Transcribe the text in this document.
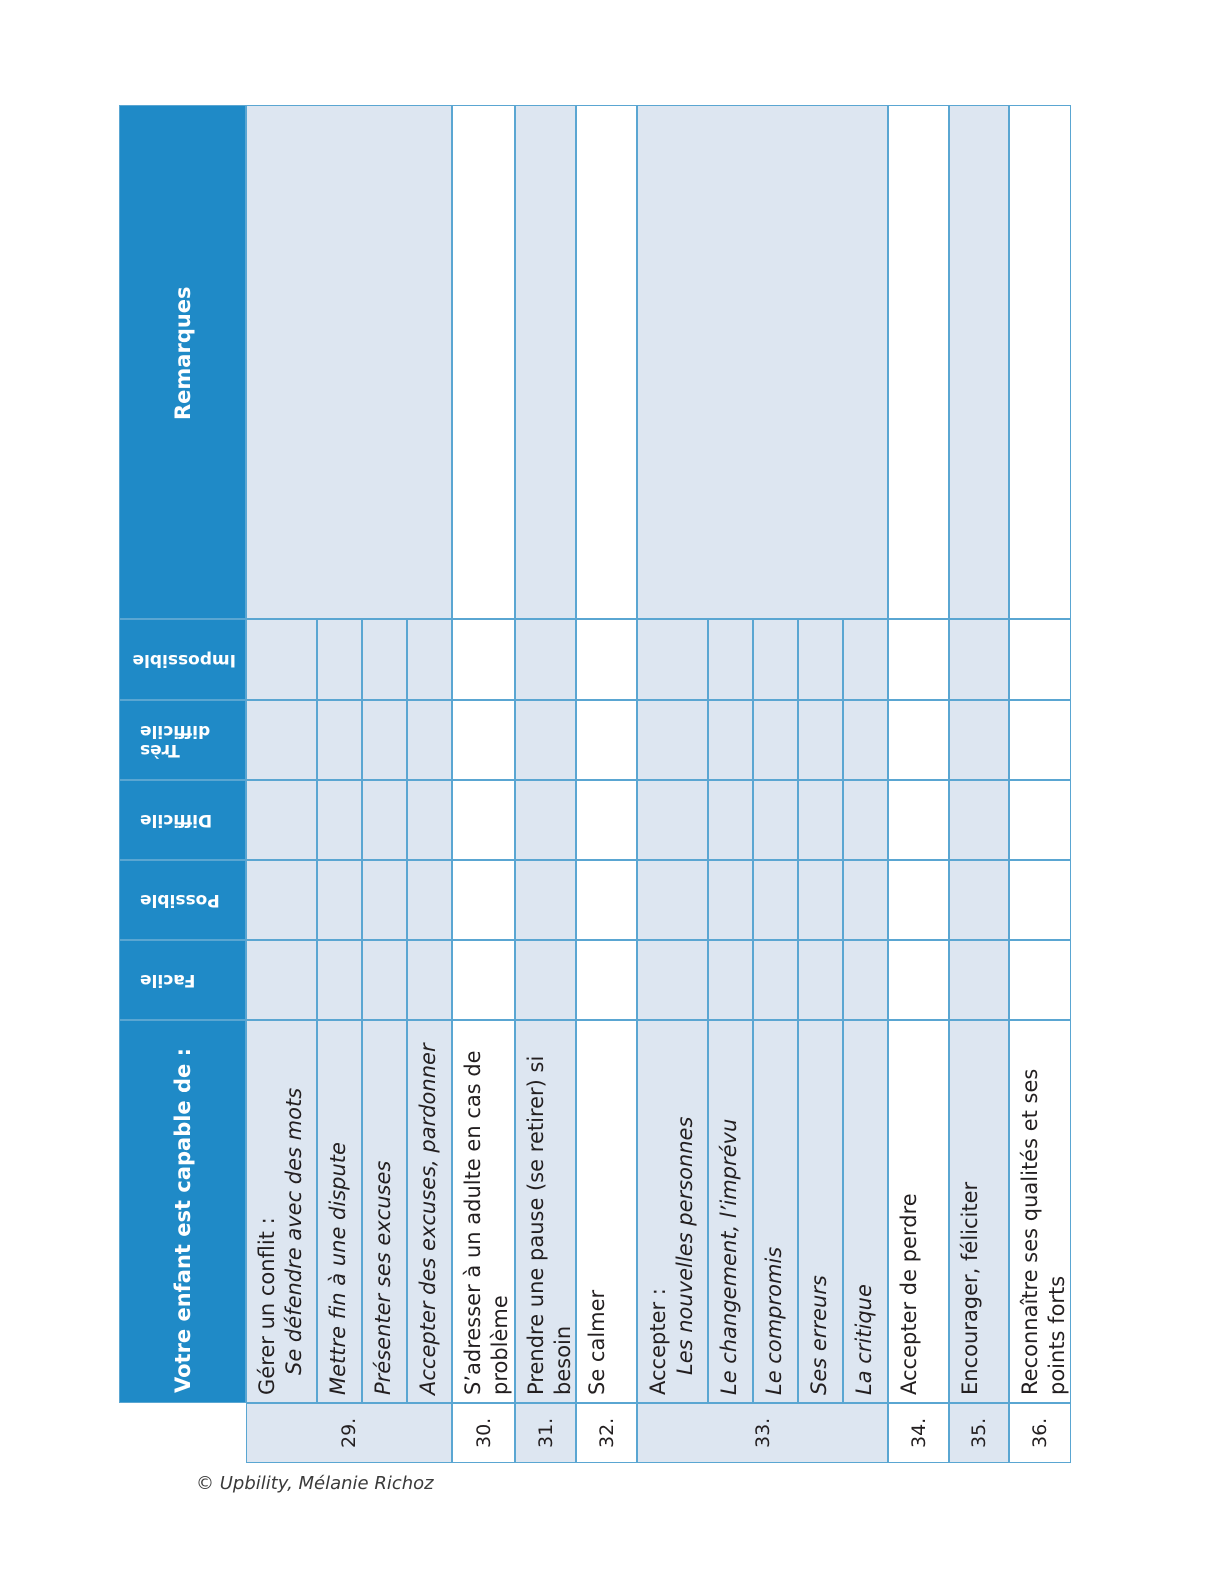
Votre enfant est capable de :
Remarques
Facile
Possible
Difficile
Très
difficile
Impossible
29.
Gérer un conflit : Se défendre avec des mots Mettre fin à une dispute Présenter ses excuses Accepter des excuses, pardonner
30.
S’adresser à un adulte en cas de problème
31.
Prendre une pause (se retirer) si besoin
32.
Se calmer
33.
Accepter : Les nouvelles personnes Le changement, l’imprévu Le compromis Ses erreurs La critique
34.
Accepter de perdre
35.
Encourager, féliciter
36.
Reconnaître ses qualités et ses points forts
© Upbility, Mélanie Richoz
